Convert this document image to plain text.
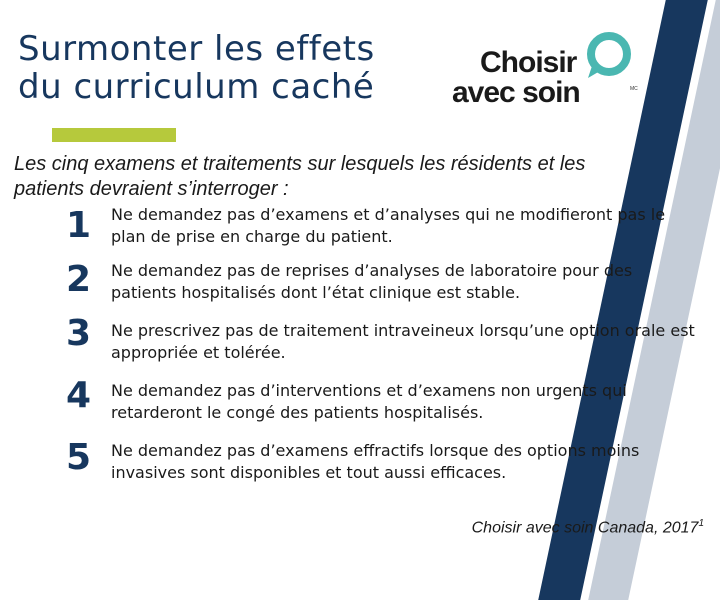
Surmonter les effets
du curriculum caché
Choisir
avec soin	MC

Les cinq examens et traitements sur lesquels les résidents et les patients devraient s’interroger :

1 Ne demandez pas d’examens et d’analyses qui ne modifieront pas le plan de prise en charge du patient.
2 Ne demandez pas de reprises d’analyses de laboratoire pour des patients hospitalisés dont l’état clinique est stable.
3 Ne prescrivez pas de traitement intraveineux lorsqu’une option orale est appropriée et tolérée.
4 Ne demandez pas d’interventions et d’examens non urgents qui retarderont le congé des patients hospitalisés.
5 Ne demandez pas d’examens effractifs lorsque des options moins invasives sont disponibles et tout aussi efficaces.
Choisir avec soin Canada, 2017$^1$
